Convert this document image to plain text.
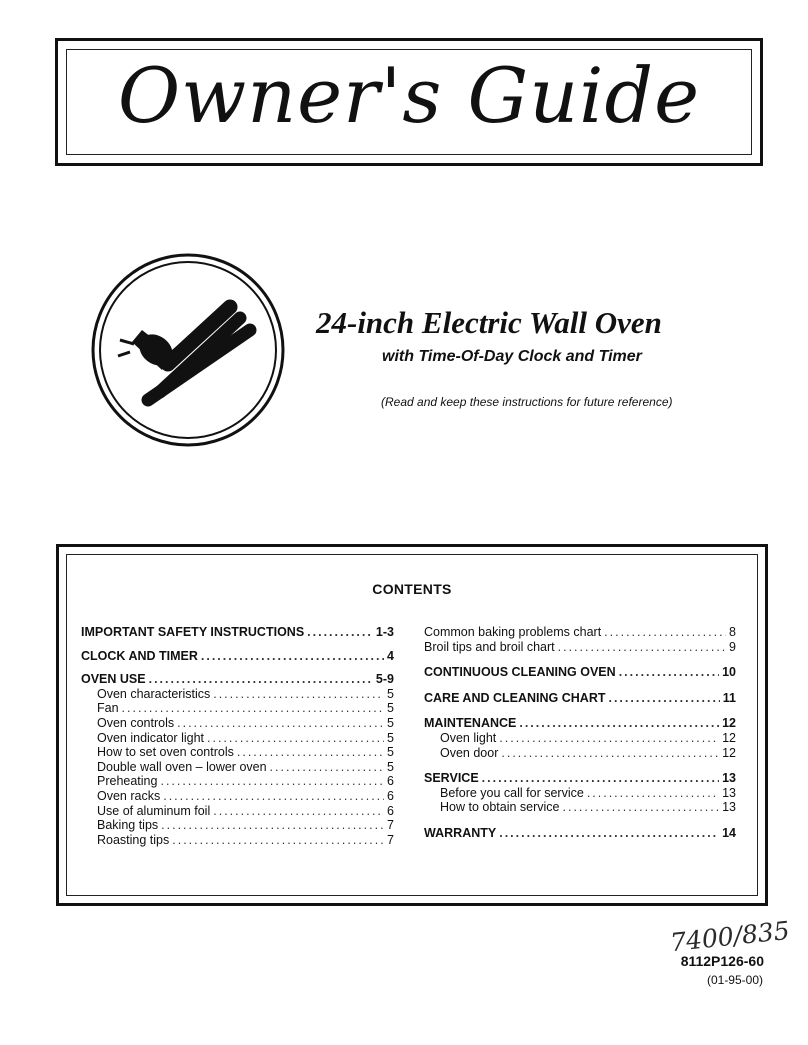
Owner's Guide
24-inch Electric Wall Oven
with Time-Of-Day Clock and Timer
(Read and keep these instructions for future reference)
CONTENTS
IMPORTANT SAFETY INSTRUCTIONS .....	1-3
CLOCK AND TIMER .....	4
OVEN USE .....	5-9
Oven characteristics .....	5
Fan .....	5
Oven controls .....	5
Oven indicator light .....	5
How to set oven controls .....	5
Double wall oven – lower oven .....	5
Preheating .....	6
Oven racks .....	6
Use of aluminum foil .....	6
Baking tips .....	7
Roasting tips .....	7
Common baking problems chart .....	8
Broil tips and broil chart .....	9
CONTINUOUS CLEANING OVEN .....	10
CARE AND CLEANING CHART .....	11
MAINTENANCE .....	12
Oven light .....	12
Oven door .....	12
SERVICE .....	13
Before you call for service .....	13
How to obtain service .....	13
WARRANTY .....	14
7400/835
8112P126-60
(01-95-00)
